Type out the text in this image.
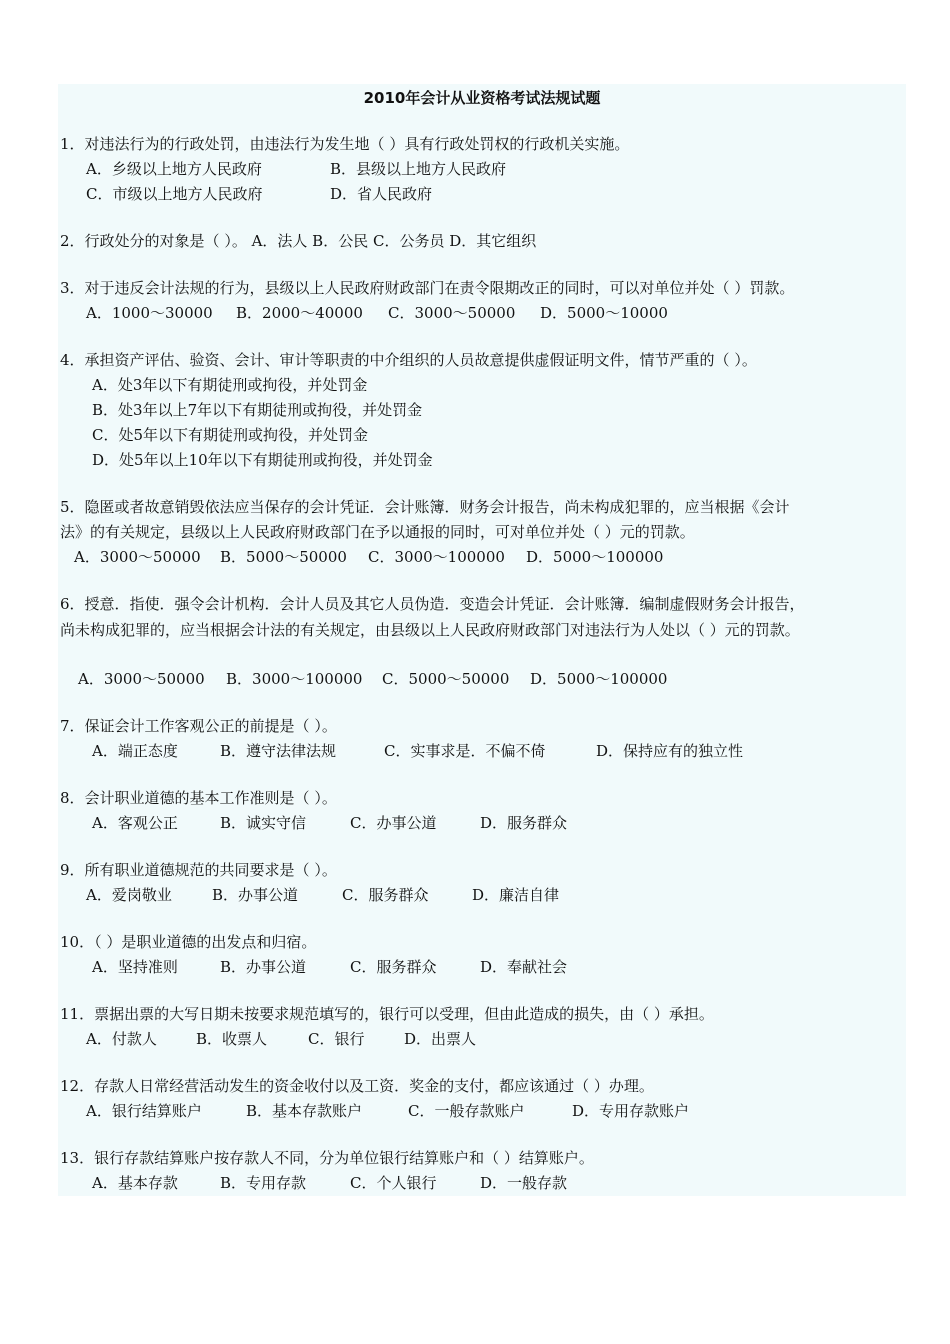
2010年会计从业资格考试法规试题
1．对违法行为的行政处罚，由违法行为发生地（ ）具有行政处罚权的行政机关实施。
A．乡级以上地方人民政府	B．县级以上地方人民政府
C．市级以上地方人民政府	D．省人民政府
2．行政处分的对象是（ ）。 A．法人 B．公民 C．公务员 D．其它组织
3．对于违反会计法规的行为，县级以上人民政府财政部门在责令限期改正的同时，可以对单位并处（ ）罚款。
A．1000～30000 B．2000～40000 C．3000～50000 D．5000～10000
4．承担资产评估、验资、会计、审计等职责的中介组织的人员故意提供虚假证明文件，情节严重的（ ）。
A．处3年以下有期徒刑或拘役，并处罚金
B．处3年以上7年以下有期徒刑或拘役，并处罚金
C．处5年以下有期徒刑或拘役，并处罚金
D．处5年以上10年以下有期徒刑或拘役，并处罚金
5．隐匿或者故意销毁依法应当保存的会计凭证．会计账簿．财务会计报告，尚未构成犯罪的，应当根据《会计
法》的有关规定，县级以上人民政府财政部门在予以通报的同时，可对单位并处（ ）元的罚款。
A．3000～50000 B．5000～50000 C．3000～100000 D．5000～100000
6．授意．指使．强令会计机构．会计人员及其它人员伪造．变造会计凭证．会计账簿．编制虚假财务会计报告，
尚未构成犯罪的，应当根据会计法的有关规定，由县级以上人民政府财政部门对违法行为人处以（ ）元的罚款。
A．3000～50000 B．3000～100000 C．5000～50000 D．5000～100000
7．保证会计工作客观公正的前提是（ ）。
A．端正态度	B．遵守法律法规	C．实事求是．不偏不倚	D．保持应有的独立性
8．会计职业道德的基本工作准则是（ ）。
A．客观公正	B．诚实守信	C．办事公道	D．服务群众
9．所有职业道德规范的共同要求是（ ）。
A．爱岗敬业	B．办事公道	C．服务群众	D．廉洁自律
10．（ ）是职业道德的出发点和归宿。
A．坚持准则	B．办事公道	C．服务群众	D．奉献社会
11．票据出票的大写日期未按要求规范填写的，银行可以受理，但由此造成的损失，由（ ）承担。
A．付款人	B．收票人	C．银行	D．出票人
12．存款人日常经营活动发生的资金收付以及工资．奖金的支付，都应该通过（ ）办理。
A．银行结算账户	B．基本存款账户	C．一般存款账户	D．专用存款账户
13．银行存款结算账户按存款人不同，分为单位银行结算账户和（ ）结算账户。
A．基本存款	B．专用存款	C．个人银行	D．一般存款
